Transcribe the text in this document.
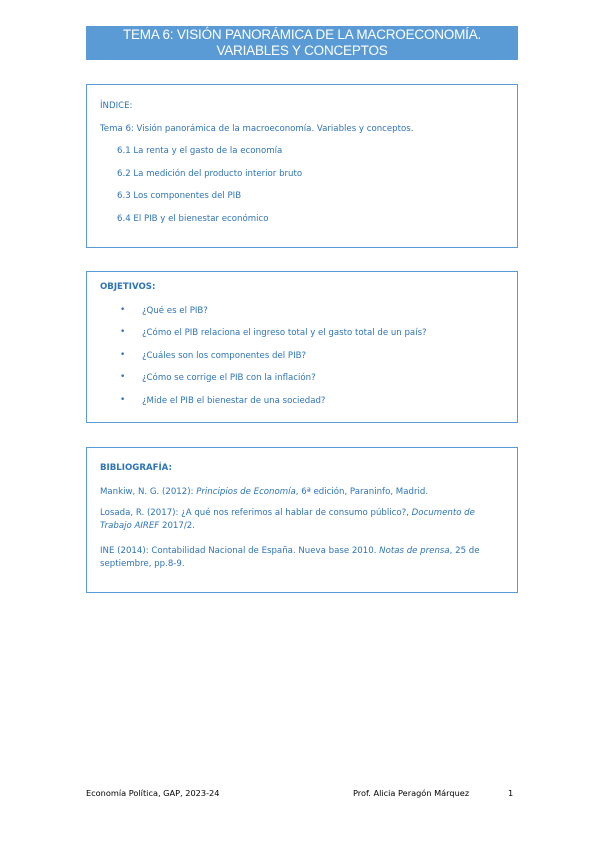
TEMA 6: VISIÓN PANORÁMICA DE LA MACROECONOMÍA.
VARIABLES Y CONCEPTOS
ÍNDICE:
Tema 6: Visión panorámica de la macroeconomía. Variables y conceptos.
6.1 La renta y el gasto de la economía
6.2 La medición del producto interior bruto
6.3 Los componentes del PIB
6.4 El PIB y el bienestar económico
OBJETIVOS:
• ¿Qué es el PIB?
• ¿Cómo el PIB relaciona el ingreso total y el gasto total de un país?
• ¿Cuáles son los componentes del PIB?
• ¿Cómo se corrige el PIB con la inflación?
• ¿Mide el PIB el bienestar de una sociedad?
BIBLIOGRAFÍA:
Mankiw, N. G. (2012): Principios de Economía, 6ª edición, Paraninfo, Madrid.
Losada, R. (2017): ¿A qué nos referimos al hablar de consumo público?, Documento de Trabajo AIREF 2017/2.
INE (2014): Contabilidad Nacional de España. Nueva base 2010. Notas de prensa, 25 de septiembre, pp.8-9.
Economía Política, GAP, 2023-24	Prof. Alicia Peragón Márquez	1
